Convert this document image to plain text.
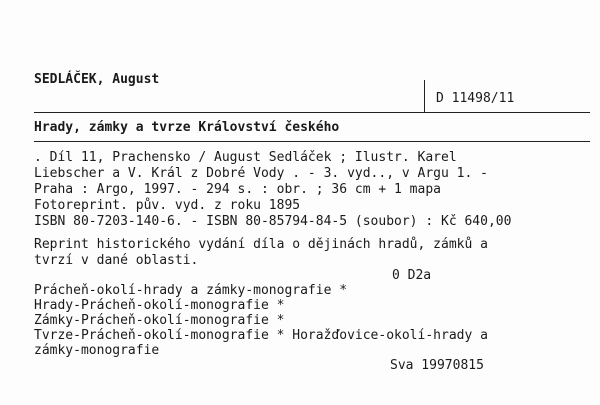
SEDLÁČEK, August
D 11498/11
Hrady, zámky a tvrze Království českého
. Díl 11, Prachensko / August Sedláček ; Ilustr. Karel
Liebscher a V. Král z Dobré Vody . - 3. vyd.., v Argu 1. -
Praha : Argo, 1997. - 294 s. : obr. ; 36 cm + 1 mapa
Fotoreprint. pův. vyd. z roku 1895
ISBN 80-7203-140-6. - ISBN 80-85794-84-5 (soubor) : Kč 640,00
Reprint historického vydání díla o dějinách hradů, zámků a
tvrzí v dané oblasti.
0 D2a
Prácheň-okolí-hrady a zámky-monografie *
Hrady-Prácheň-okolí-monografie *
Zámky-Prácheň-okolí-monografie *
Tvrze-Prácheň-okolí-monografie * Horažďovice-okolí-hrady a
zámky-monografie
Sva 19970815
